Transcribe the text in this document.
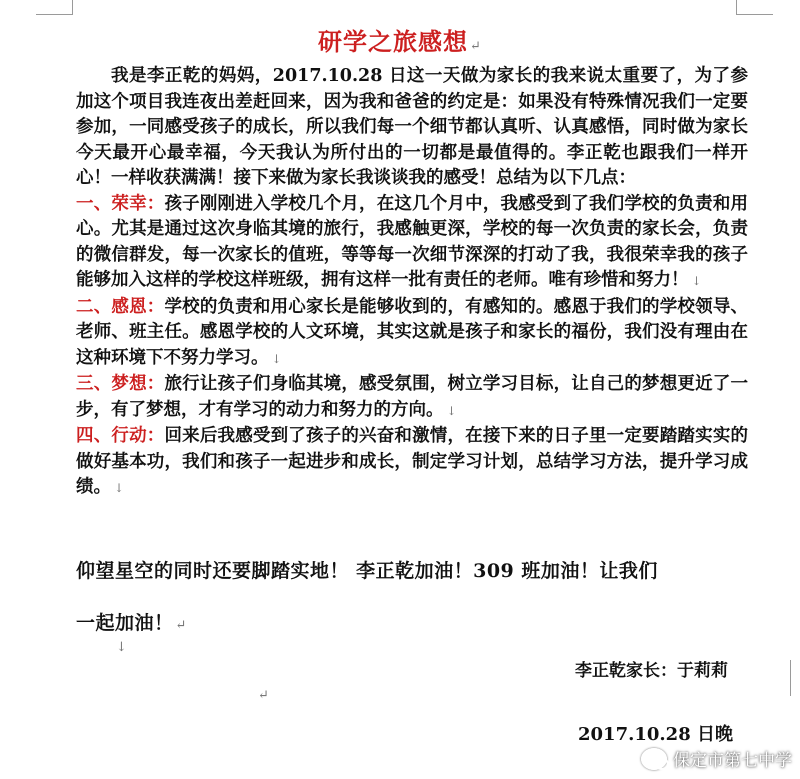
研学之旅感想 ↵

我是李正乾的妈妈，2017.10.28 日这一天做为家长的我来说太重要了，为了参加这个项目我连夜出差赶回来，因为我和爸爸的约定是：如果没有特殊情况我们一定要参加，一同感受孩子的成长，所以我们每一个细节都认真听、认真感悟，同时做为家长今天最开心最幸福，今天我认为所付出的一切都是最值得的。李正乾也跟我们一样开心！一样收获满满！接下来做为家长我谈谈我的感受！总结为以下几点：

一、荣幸：孩子刚刚进入学校几个月，在这几个月中，我感受到了我们学校的负责和用心。尤其是通过这次身临其境的旅行，我感触更深，学校的每一次负责的家长会，负责的微信群发，每一次家长的值班，等等每一次细节深深的打动了我，我很荣幸我的孩子能够加入这样的学校这样班级，拥有这样一批有责任的老师。唯有珍惜和努力！ ↓

二、感恩：学校的负责和用心家长是能够收到的，有感知的。感恩于我们的学校领导、老师、班主任。感恩学校的人文环境，其实这就是孩子和家长的福份，我们没有理由在这种环境下不努力学习。 ↓

三、梦想：旅行让孩子们身临其境，感受氛围，树立学习目标，让自己的梦想更近了一步，有了梦想，才有学习的动力和努力的方向。 ↓

四、行动：回来后我感受到了孩子的兴奋和激情，在接下来的日子里一定要踏踏实实的做好基本功，我们和孩子一起进步和成长，制定学习计划，总结学习方法，提升学习成绩。 ↓

仰望星空的同时还要脚踏实地！ 李正乾加油！309 班加油！让我们

一起加油！ ↵

↓
↵
李正乾家长：于莉莉
2017.10.28 日晚
保定市第七中学
